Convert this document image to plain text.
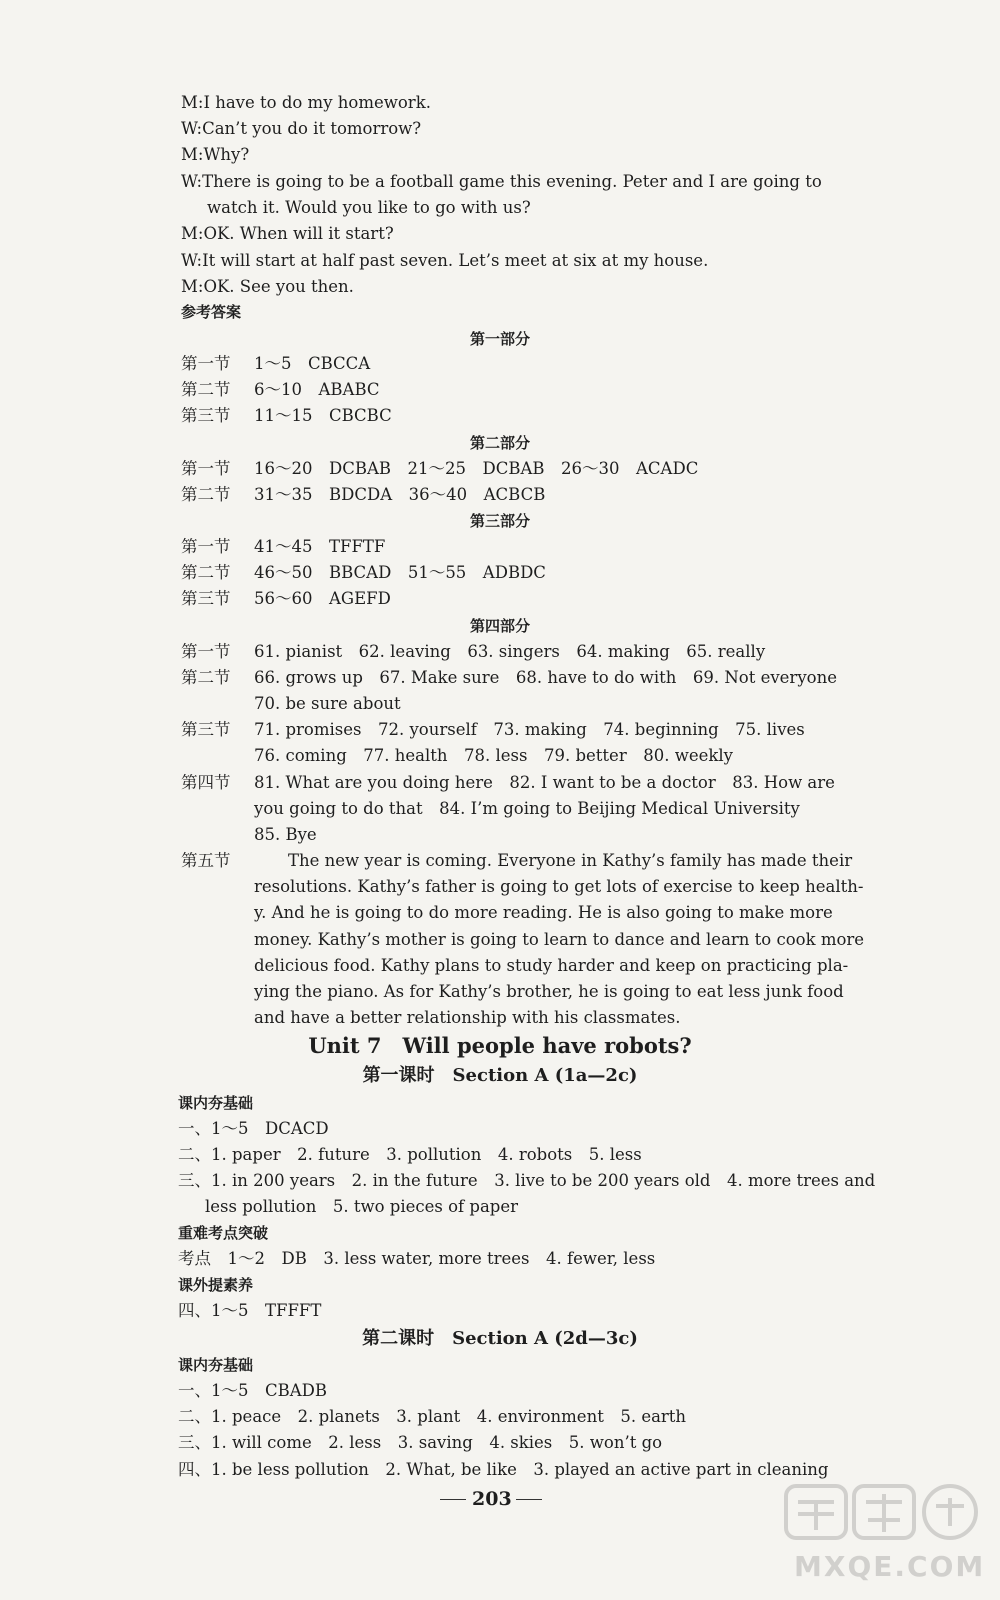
M:I have to do my homework.
W:Can’t you do it tomorrow?
M:Why?
W:There is going to be a football game this evening. Peter and I are going to
watch it. Would you like to go with us?
M:OK. When will it start?
W:It will start at half past seven. Let’s meet at six at my house.
M:OK. See you then.
参考答案
第一部分
第一节 1～5　CBCCA
第二节 6～10　ABABC
第三节 11～15　CBCBC
第二部分
第一节 16～20　DCBAB　21～25　DCBAB　26～30　ACADC
第二节 31～35　BDCDA　36～40　ACBCB
第三部分
第一节 41～45　TFFTF
第二节 46～50　BBCAD　51～55　ADBDC
第三节 56～60　AGEFD
第四部分
第一节 61. pianist　62. leaving　63. singers　64. making　65. really
第二节 66. grows up　67. Make sure　68. have to do with　69. Not everyone
70. be sure about
第三节 71. promises　72. yourself　73. making　74. beginning　75. lives
76. coming　77. health　78. less　79. better　80. weekly
第四节 81. What are you doing here　82. I want to be a doctor　83. How are
you going to do that　84. I’m going to Beijing Medical University
85. Bye
第五节	The new year is coming. Everyone in Kathy’s family has made their
resolutions. Kathy’s father is going to get lots of exercise to keep health-
y. And he is going to do more reading. He is also going to make more
money. Kathy’s mother is going to learn to dance and learn to cook more
delicious food. Kathy plans to study harder and keep on practicing pla-
ying the piano. As for Kathy’s brother, he is going to eat less junk food
and have a better relationship with his classmates.
Unit 7　Will people have robots?
第一课时　Section A (1a—2c)
课内夯基础
一、1～5　DCACD
二、1. paper　2. future　3. pollution　4. robots　5. less
三、1. in 200 years　2. in the future　3. live to be 200 years old　4. more trees and
less pollution　5. two pieces of paper
重难考点突破
考点　1～2　DB　3. less water, more trees　4. fewer, less
课外提素养
四、1～5　TFFFT
第二课时　Section A (2d—3c)
课内夯基础
一、1～5　CBADB
二、1. peace　2. planets　3. plant　4. environment　5. earth
三、1. will come　2. less　3. saving　4. skies　5. won’t go
四、1. be less pollution　2. What, be like　3. played an active part in cleaning
203
MXQE.COM
